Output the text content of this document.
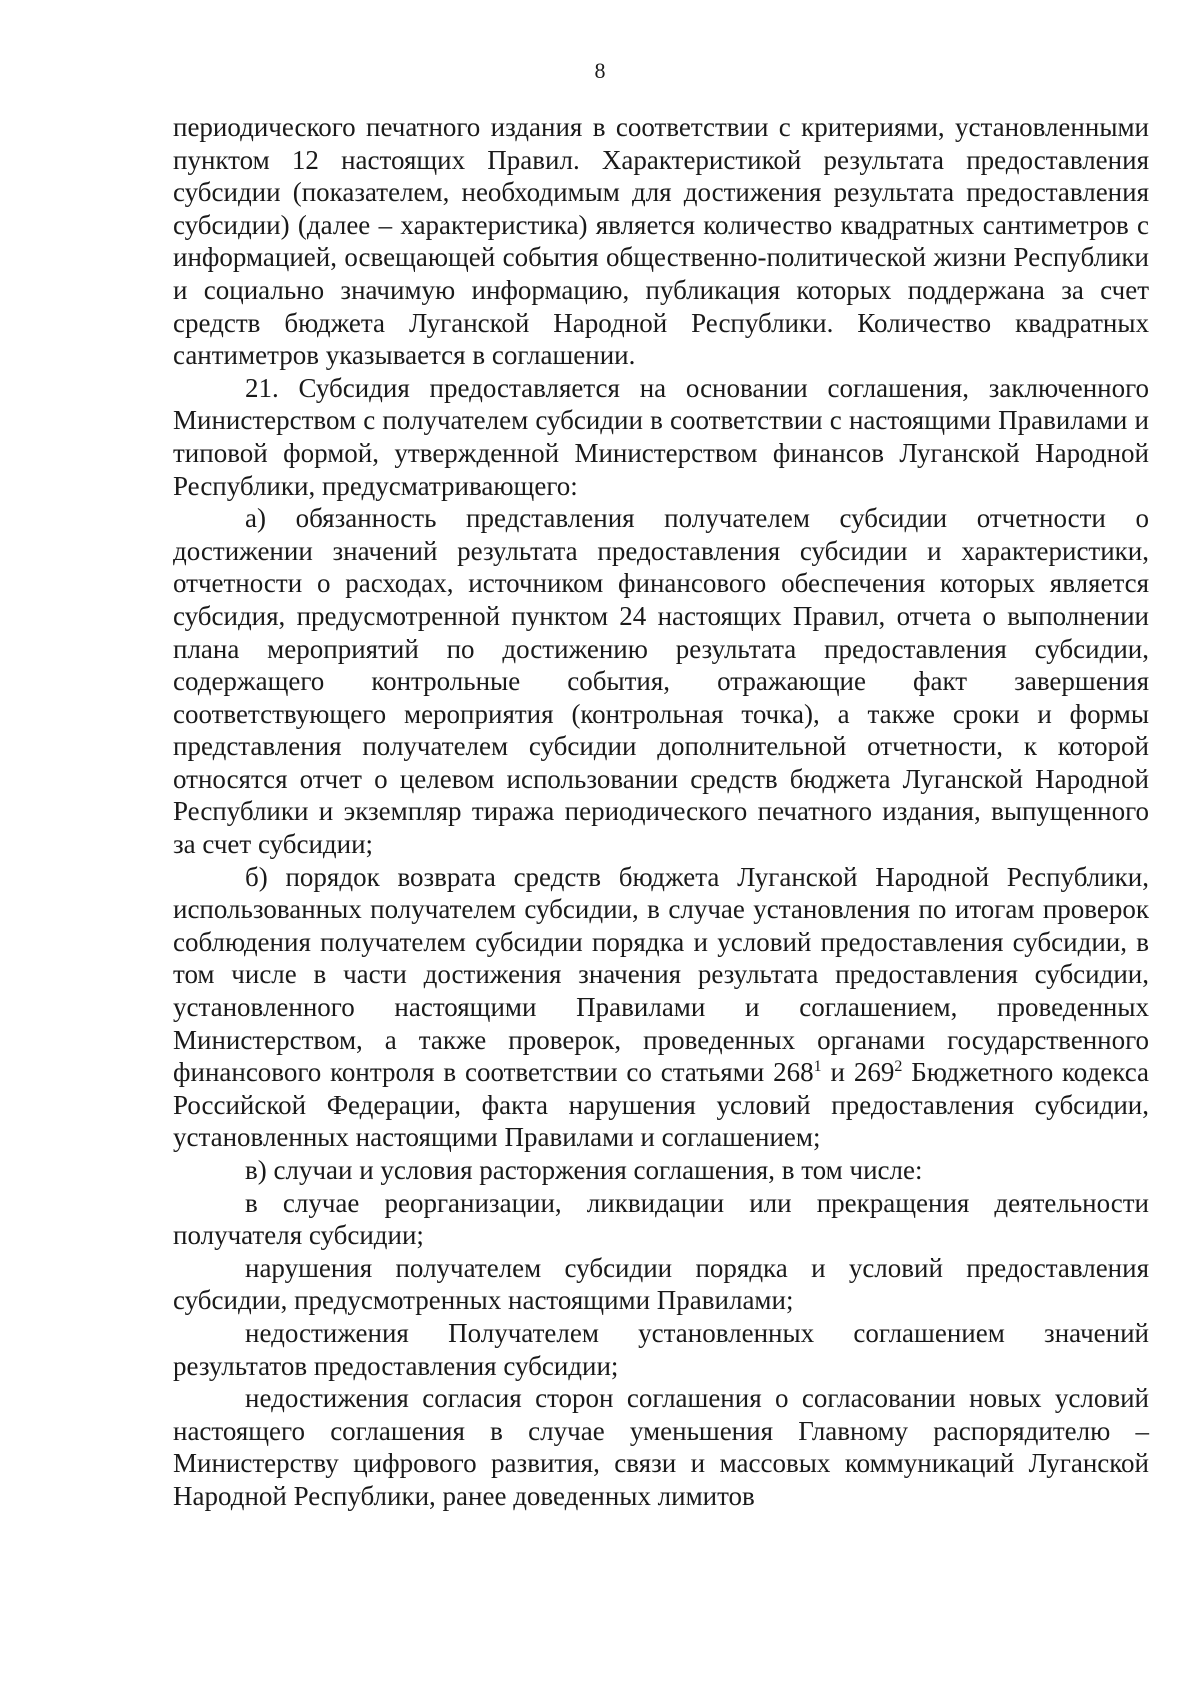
8

периодического печатного издания в соответствии с критериями, установленными пунктом 12 настоящих Правил. Характеристикой результата предоставления субсидии (показателем, необходимым для достижения результата предоставления субсидии) (далее – характеристика) является количество квадратных сантиметров с информацией, освещающей события общественно-политической жизни Республики и социально значимую информацию, публикация которых поддержана за счет средств бюджета Луганской Народной Республики. Количество квадратных сантиметров указывается в соглашении.

21. Субсидия предоставляется на основании соглашения, заключенного Министерством с получателем субсидии в соответствии с настоящими Правилами и типовой формой, утвержденной Министерством финансов Луганской Народной Республики, предусматривающего:

а) обязанность представления получателем субсидии отчетности о достижении значений результата предоставления субсидии и характеристики, отчетности о расходах, источником финансового обеспечения которых является субсидия, предусмотренной пунктом 24 настоящих Правил, отчета о выполнении плана мероприятий по достижению результата предоставления субсидии, содержащего контрольные события, отражающие факт завершения соответствующего мероприятия (контрольная точка), а также сроки и формы представления получателем субсидии дополнительной отчетности, к которой относятся отчет о целевом использовании средств бюджета Луганской Народной Республики и экземпляр тиража периодического печатного издания, выпущенного за счет субсидии;

б) порядок возврата средств бюджета Луганской Народной Республики, использованных получателем субсидии, в случае установления по итогам проверок соблюдения получателем субсидии порядка и условий предоставления субсидии, в том числе в части достижения значения результата предоставления субсидии, установленного настоящими Правилами и соглашением, проведенных Министерством, а также проверок, проведенных органами государственного финансового контроля в соответствии со статьями $268^1$ и $269^2$ Бюджетного кодекса Российской Федерации, факта нарушения условий предоставления субсидии, установленных настоящими Правилами и соглашением;

в) случаи и условия расторжения соглашения, в том числе:

в случае реорганизации, ликвидации или прекращения деятельности получателя субсидии;

нарушения получателем субсидии порядка и условий предоставления субсидии, предусмотренных настоящими Правилами;

недостижения Получателем установленных соглашением значений результатов предоставления субсидии;

недостижения согласия сторон соглашения о согласовании новых условий настоящего соглашения в случае уменьшения Главному распорядителю – Министерству цифрового развития, связи и массовых коммуникаций Луганской Народной Республики, ранее доведенных лимитов
